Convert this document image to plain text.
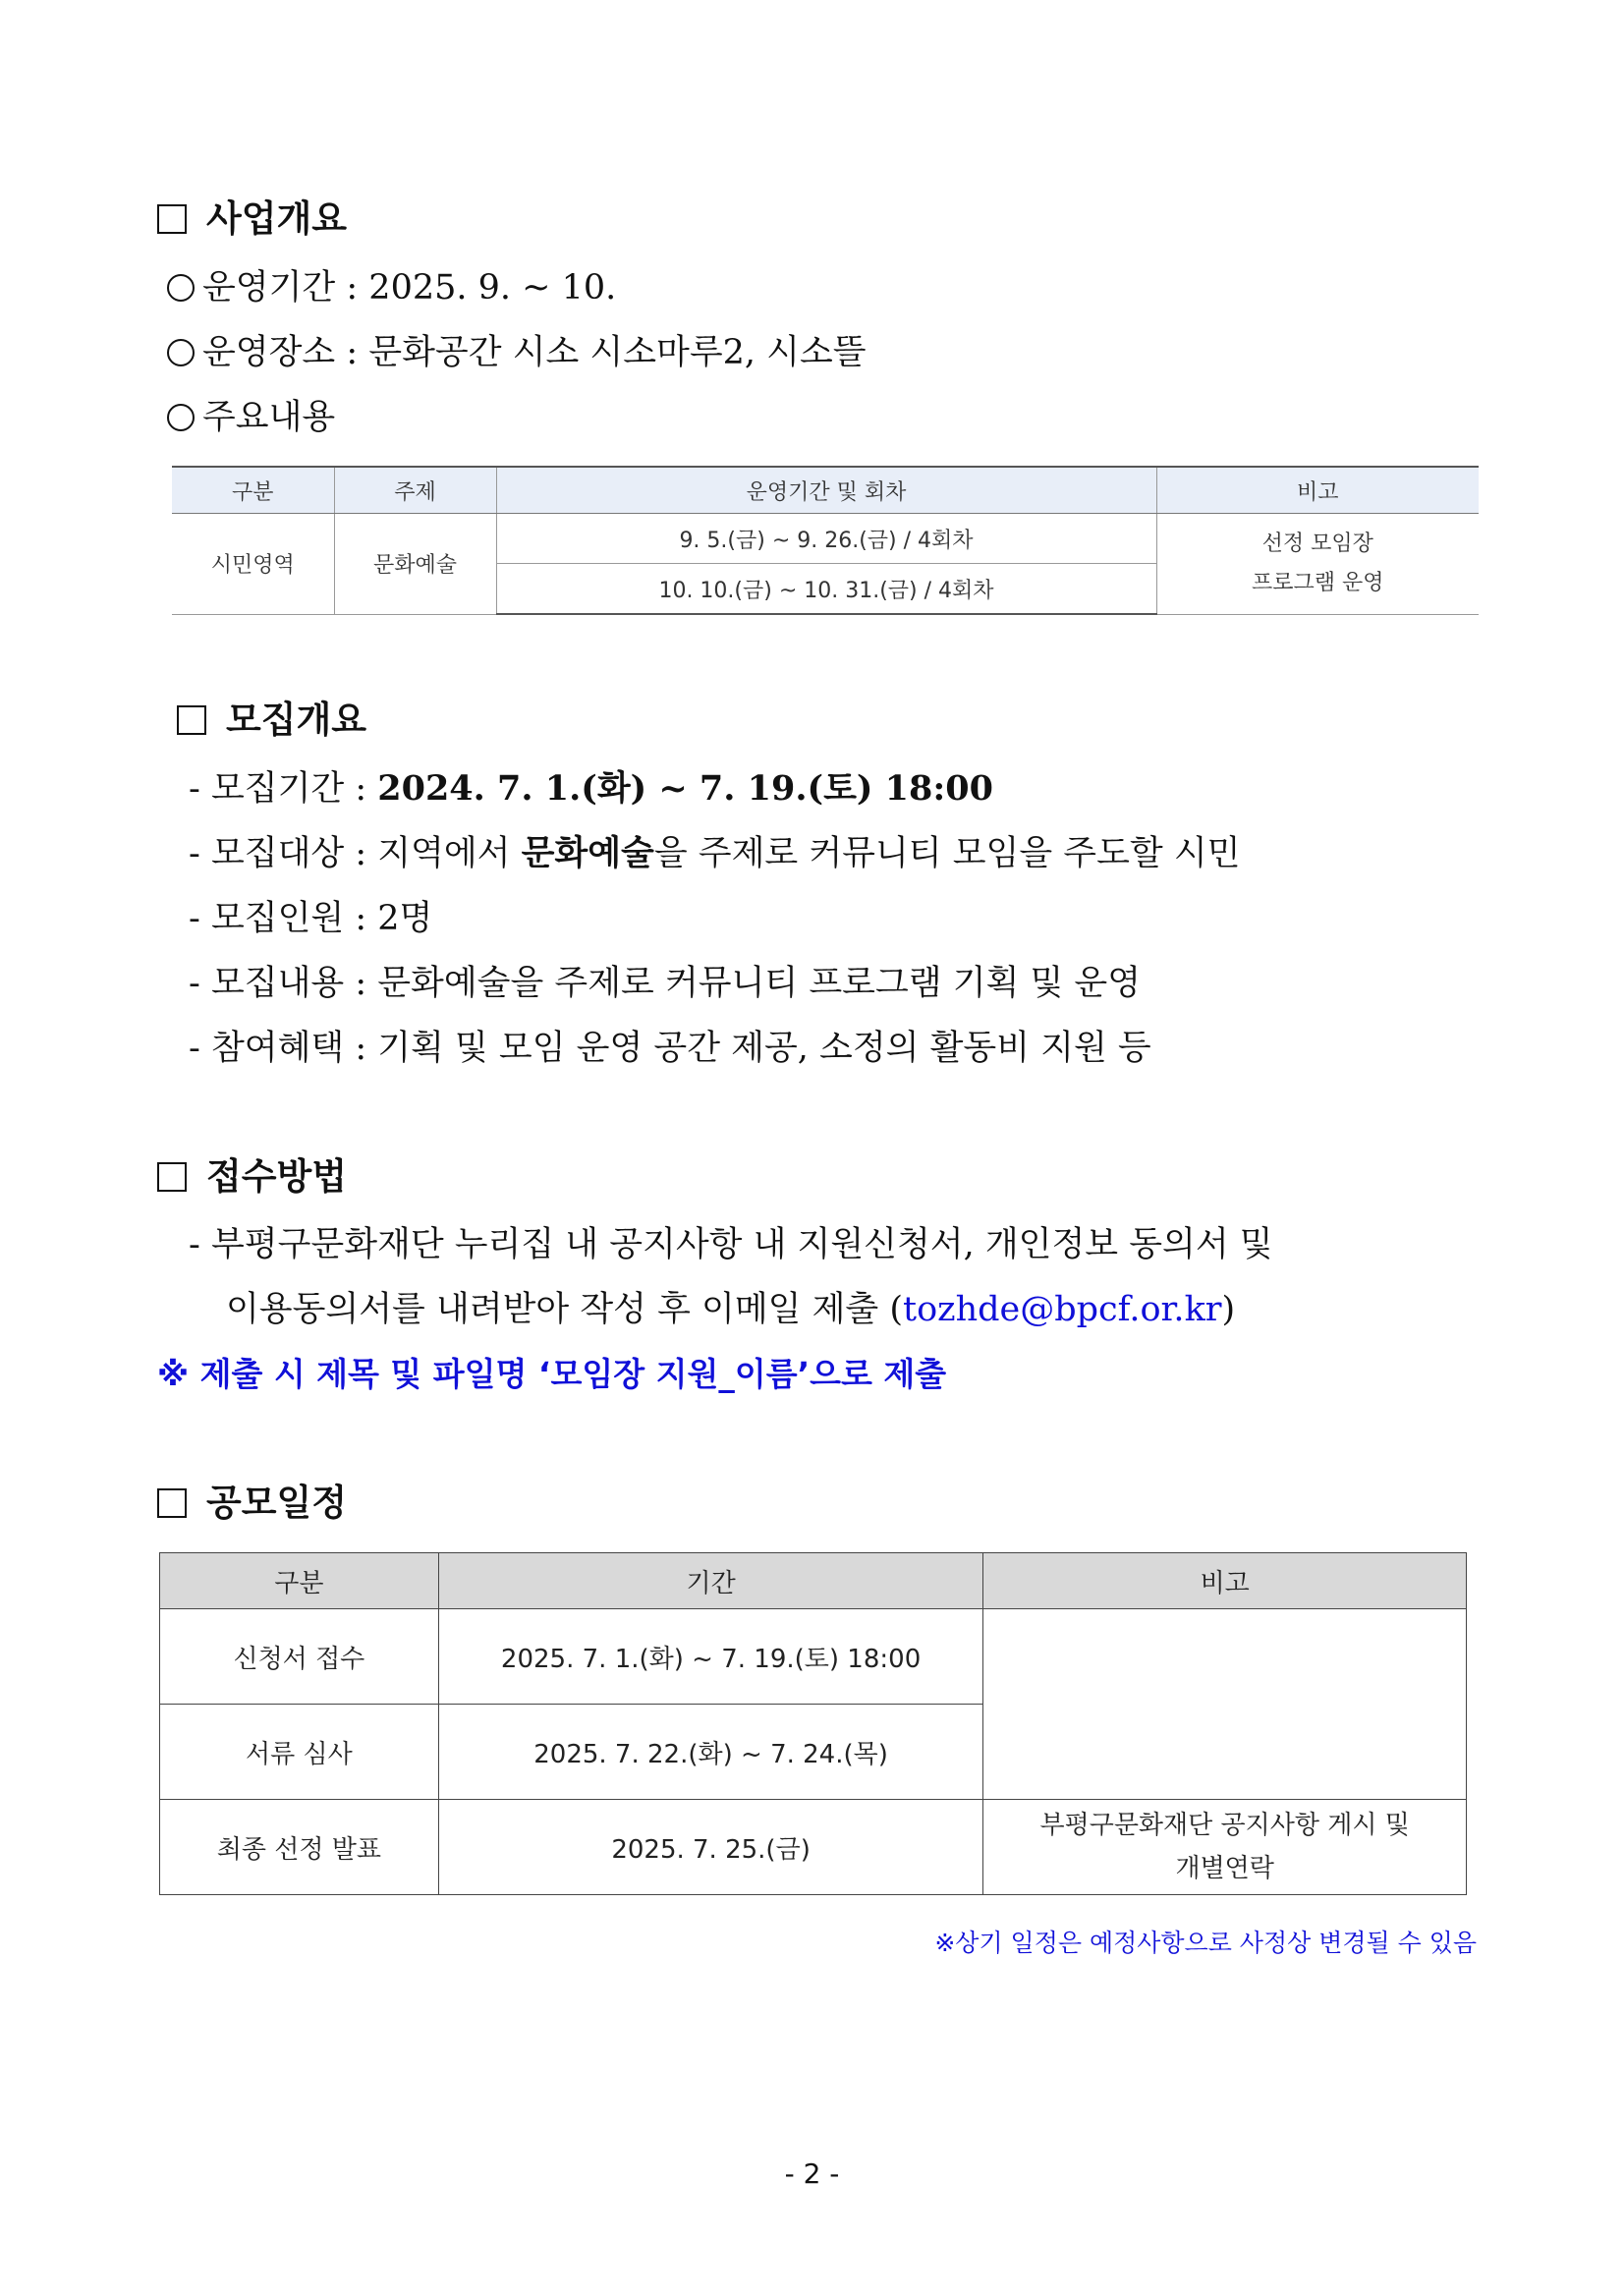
사업개요
운영기간 : 2025. 9. ~ 10.
운영장소 : 문화공간 시소 시소마루2, 시소뜰
주요내용
구분	주제	운영기간 및 회차	비고
시민영역	문화예술	9. 5.(금) ~ 9. 26.(금) / 4회차	선정 모임장
프로그램 운영

		10. 10.(금) ~ 10. 31.(금) / 4회차	
모집개요
- 모집기간 : 2024. 7. 1.(화) ~ 7. 19.(토) 18:00
- 모집대상 : 지역에서 문화예술을 주제로 커뮤니티 모임을 주도할 시민
- 모집인원 : 2명
- 모집내용 : 문화예술을 주제로 커뮤니티 프로그램 기획 및 운영
- 참여혜택 : 기획 및 모임 운영 공간 제공, 소정의 활동비 지원 등
접수방법
- 부평구문화재단 누리집 내 공지사항 내 지원신청서, 개인정보 동의서 및
이용동의서를 내려받아 작성 후 이메일 제출 (tozhde@bpcf.or.kr)
※ 제출 시 제목 및 파일명 ‘모임장 지원_이름’으로 제출
공모일정
구분	기간	비고
신청서 접수	2025. 7. 1.(화) ~ 7. 19.(토) 18:00	
서류 심사	2025. 7. 22.(화) ~ 7. 24.(목)	
최종 선정 발표	2025. 7. 25.(금)	부평구문화재단 공지사항 게시 및
개별연락
※상기 일정은 예정사항으로 사정상 변경될 수 있음
- 2 -
